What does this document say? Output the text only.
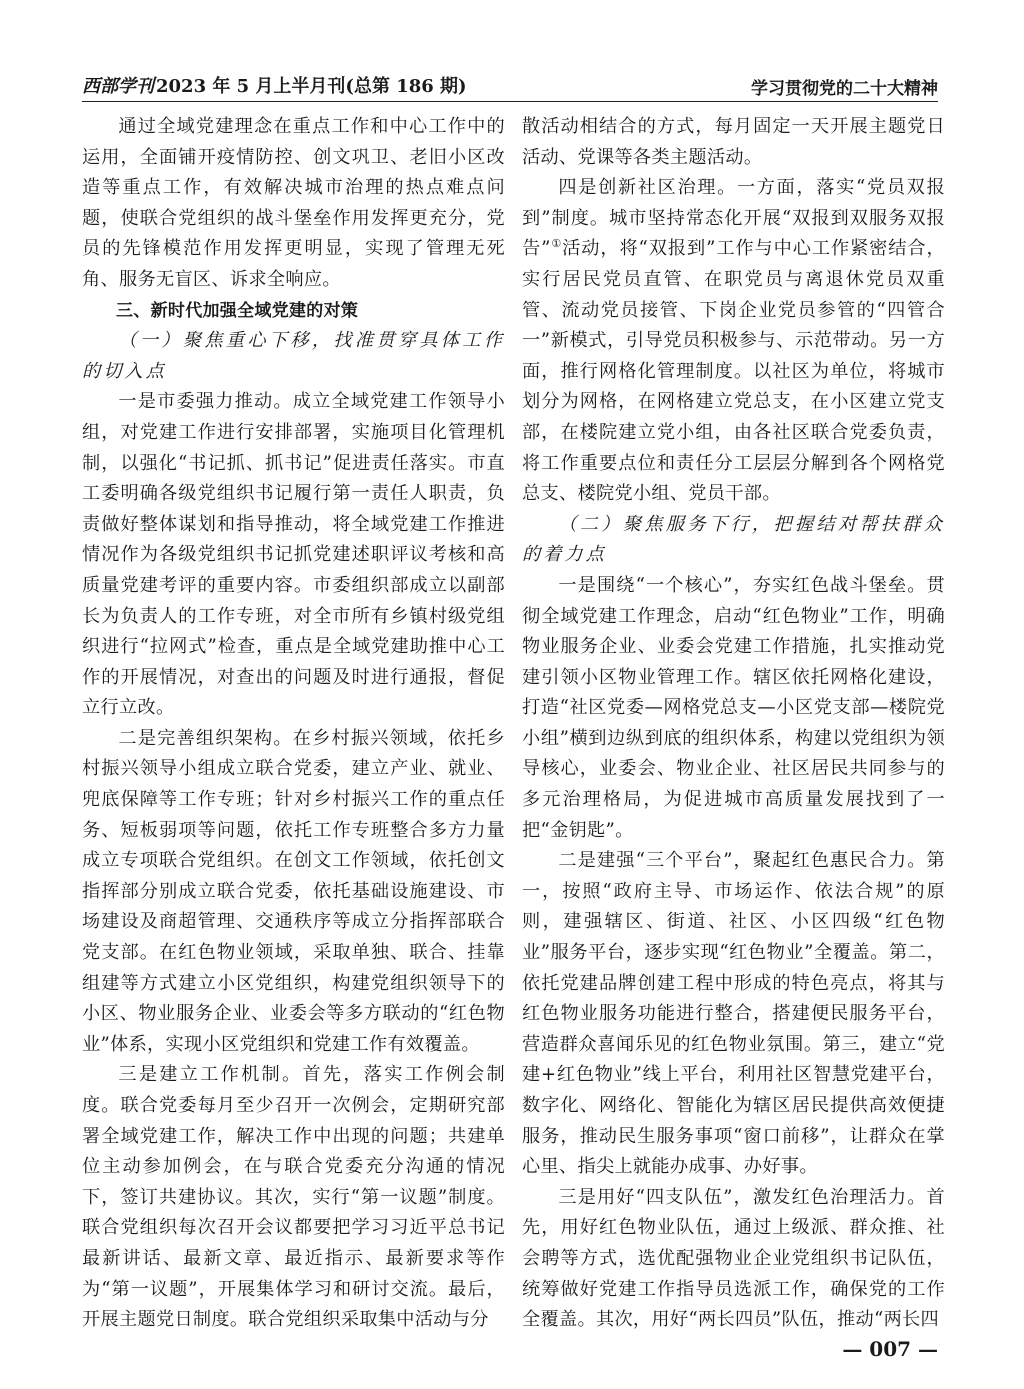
西部学刊 2023 年 5 月上半月刊(总第 186 期)	学习贯彻党的二十大精神

通过全域党建理念在重点工作和中心工作中的运用，全面铺开疫情防控、创文巩卫、老旧小区改造等重点工作，有效解决城市治理的热点难点问题，使联合党组织的战斗堡垒作用发挥更充分，党员的先锋模范作用发挥更明显，实现了管理无死角、服务无盲区、诉求全响应。

三、新时代加强全域党建的对策

（一）聚焦重心下移，找准贯穿具体工作的切入点

一是市委强力推动。成立全域党建工作领导小组，对党建工作进行安排部署，实施项目化管理机制，以强化“书记抓、抓书记”促进责任落实。市直工委明确各级党组织书记履行第一责任人职责，负责做好整体谋划和指导推动，将全域党建工作推进情况作为各级党组织书记抓党建述职评议考核和高质量党建考评的重要内容。市委组织部成立以副部长为负责人的工作专班，对全市所有乡镇村级党组织进行“拉网式”检查，重点是全域党建助推中心工作的开展情况，对查出的问题及时进行通报，督促立行立改。

二是完善组织架构。在乡村振兴领域，依托乡村振兴领导小组成立联合党委，建立产业、就业、兜底保障等工作专班；针对乡村振兴工作的重点任务、短板弱项等问题，依托工作专班整合多方力量成立专项联合党组织。在创文工作领域，依托创文指挥部分别成立联合党委，依托基础设施建设、市场建设及商超管理、交通秩序等成立分指挥部联合党支部。在红色物业领域，采取单独、联合、挂靠组建等方式建立小区党组织，构建党组织领导下的小区、物业服务企业、业委会等多方联动的“红色物业”体系，实现小区党组织和党建工作有效覆盖。

三是建立工作机制。首先，落实工作例会制度。联合党委每月至少召开一次例会，定期研究部署全域党建工作，解决工作中出现的问题；共建单位主动参加例会，在与联合党委充分沟通的情况下，签订共建协议。其次，实行“第一议题”制度。联合党组织每次召开会议都要把学习习近平总书记最新讲话、最新文章、最近指示、最新要求等作为“第一议题”，开展集体学习和研讨交流。最后，开展主题党日制度。联合党组织采取集中活动与分

散活动相结合的方式，每月固定一天开展主题党日活动、党课等各类主题活动。

四是创新社区治理。一方面，落实“党员双报到”制度。城市坚持常态化开展“双报到双服务双报告”①活动，将“双报到”工作与中心工作紧密结合，实行居民党员直管、在职党员与离退休党员双重管、流动党员接管、下岗企业党员参管的“四管合一”新模式，引导党员积极参与、示范带动。另一方面，推行网格化管理制度。以社区为单位，将城市划分为网格，在网格建立党总支，在小区建立党支部，在楼院建立党小组，由各社区联合党委负责，将工作重要点位和责任分工层层分解到各个网格党总支、楼院党小组、党员干部。

（二）聚焦服务下行，把握结对帮扶群众的着力点

一是围绕“一个核心”，夯实红色战斗堡垒。贯彻全域党建工作理念，启动“红色物业”工作，明确物业服务企业、业委会党建工作措施，扎实推动党建引领小区物业管理工作。辖区依托网格化建设，打造“社区党委—网格党总支—小区党支部—楼院党小组”横到边纵到底的组织体系，构建以党组织为领导核心，业委会、物业企业、社区居民共同参与的多元治理格局，为促进城市高质量发展找到了一把“金钥匙”。

二是建强“三个平台”，聚起红色惠民合力。第一，按照“政府主导、市场运作、依法合规”的原则，建强辖区、街道、社区、小区四级“红色物业”服务平台，逐步实现“红色物业”全覆盖。第二，依托党建品牌创建工程中形成的特色亮点，将其与红色物业服务功能进行整合，搭建便民服务平台，营造群众喜闻乐见的红色物业氛围。第三，建立“党建+红色物业”线上平台，利用社区智慧党建平台，数字化、网络化、智能化为辖区居民提供高效便捷服务，推动民生服务事项“窗口前移”，让群众在掌心里、指尖上就能办成事、办好事。

三是用好“四支队伍”，激发红色治理活力。首先，用好红色物业队伍，通过上级派、群众推、社会聘等方式，选优配强物业企业党组织书记队伍，统筹做好党建工作指导员选派工作，确保党的工作全覆盖。其次，用好“两长四员”队伍，推动“两长四

— 007 —
